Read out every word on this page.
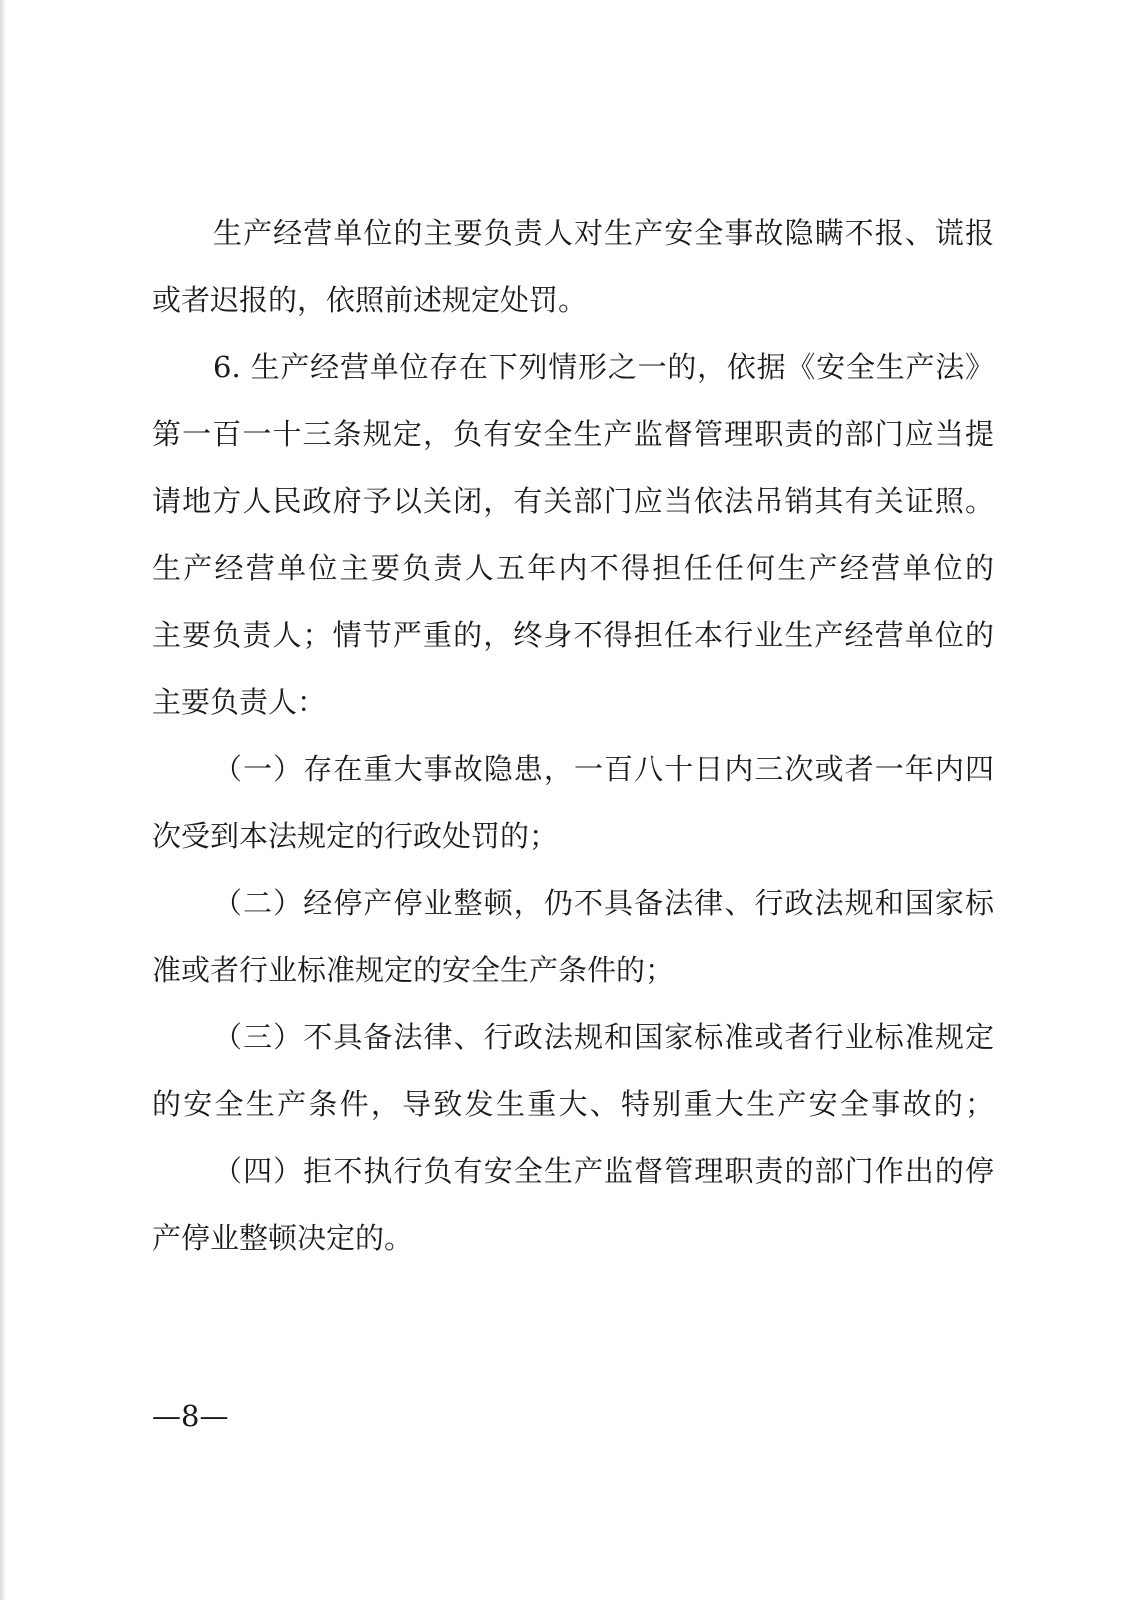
生产经营单位的主要负责人对生产安全事故隐瞒不报、谎报
或者迟报的，依照前述规定处罚。
6. 生产经营单位存在下列情形之一的，依据《安全生产法》
第一百一十三条规定，负有安全生产监督管理职责的部门应当提
请地方人民政府予以关闭，有关部门应当依法吊销其有关证照。
生产经营单位主要负责人五年内不得担任任何生产经营单位的
主要负责人；情节严重的，终身不得担任本行业生产经营单位的
主要负责人：
（一）存在重大事故隐患，一百八十日内三次或者一年内四
次受到本法规定的行政处罚的；
（二）经停产停业整顿，仍不具备法律、行政法规和国家标
准或者行业标准规定的安全生产条件的；
（三）不具备法律、行政法规和国家标准或者行业标准规定
的安全生产条件，导致发生重大、特别重大生产安全事故的；
（四）拒不执行负有安全生产监督管理职责的部门作出的停
产停业整顿决定的。
—8—
